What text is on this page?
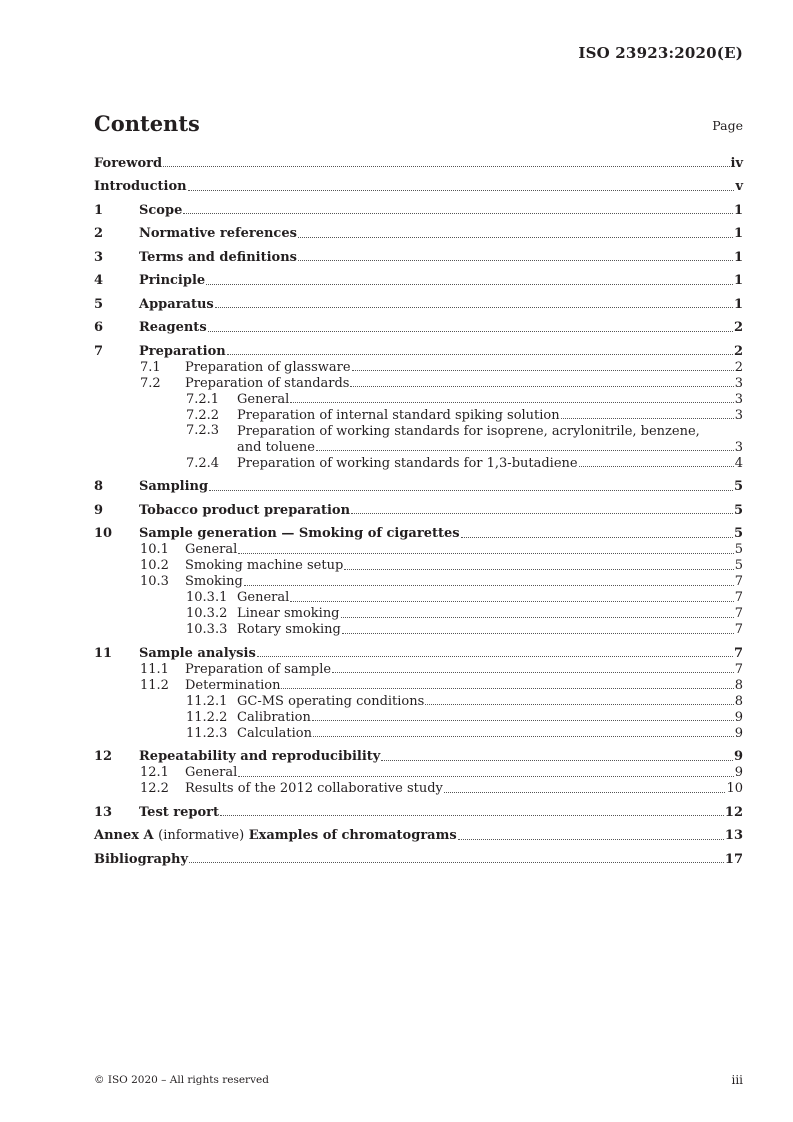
ISO 23923:2020(E)
Contents	Page
Foreword	iv
Introduction	v
1	Scope	1
2	Normative references	1
3	Terms and definitions	1
4	Principle	1
5	Apparatus	1
6	Reagents	2
7	Preparation	2
7.1	Preparation of glassware	2
7.2	Preparation of standards	3
7.2.1	General	3
7.2.2	Preparation of internal standard spiking solution	3
7.2.3 Preparation of working standards for isoprene, acrylonitrile, benzene,
and toluene	3
7.2.4	Preparation of working standards for 1,3-butadiene	4
8	Sampling	5
9	Tobacco product preparation	5
10	Sample generation — Smoking of cigarettes	5
10.1	General	5
10.2	Smoking machine setup	5
10.3	Smoking	7
10.3.1 General	7
10.3.2 Linear smoking	7
10.3.3 Rotary smoking	7
11	Sample analysis	7
11.1	Preparation of sample	7
11.2	Determination	8
11.2.1 GC-MS operating conditions	8
11.2.2 Calibration	9
11.2.3 Calculation	9
12	Repeatability and reproducibility	9
12.1	General	9
12.2	Results of the 2012 collaborative study	10
13	Test report	12
Annex A (informative) Examples of chromatograms	13
Bibliography	17
© ISO 2020 – All rights reserved	iii
